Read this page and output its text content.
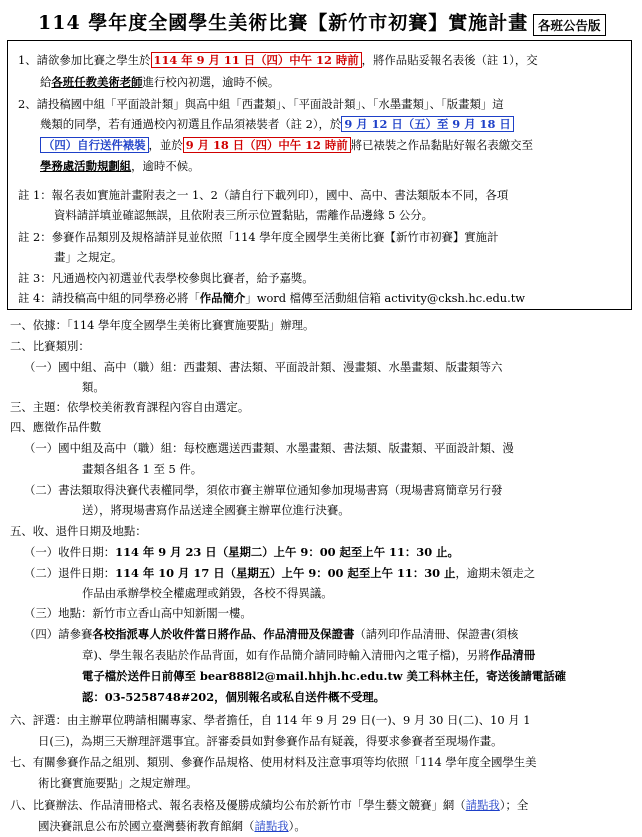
114 學年度全國學生美術比賽【新竹市初賽】實施計畫 各班公告版
1、請欲參加比賽之學生於 114 年 9 月 11 日（四）中午 12 時前 ，將作品貼妥報名表後（註 1），交
給各班任教美術老師進行校內初選，逾時不候。
2、請投稿國中組「平面設計類」與高中組「西畫類」、「平面設計類」、「水墨畫類」、「版畫類」這
幾類的同學，若有通過校內初選且作品須裱裝者（註 2），於 9 月 12 日（五）至 9 月 18 日
（四）自行送件裱裝 ，並於 9 月 18 日（四）中午 12 時前 將已裱裝之作品黏貼好報名表繳交至
學務處活動規劃組，逾時不候。
註 1：報名表如實施計畫附表之一 1、2（請自行下載列印），國中、高中、書法類版本不同，各項
資料請詳填並確認無誤，且依附表三所示位置黏貼，需離作品邊緣 5 公分。
註 2：參賽作品類別及規格請詳見並依照「114 學年度全國學生美術比賽【新竹市初賽】實施計
畫」之規定。
註 3：凡通過校內初選並代表學校參與比賽者，給予嘉獎。
註 4：請投稿高中組的同學務必將「作品簡介」word 檔傳至活動組信箱 activity@cksh.hc.edu.tw
一、依據：「114 學年度全國學生美術比賽實施要點」辦理。
二、比賽類別：
（一）國中組、高中（職）組：西畫類、書法類、平面設計類、漫畫類、水墨畫類、版畫類等六
類。
三、主題：依學校美術教育課程內容自由選定。
四、應徵作品件數
（一）國中組及高中（職）組：每校應選送西畫類、水墨畫類、書法類、版畫類、平面設計類、漫
畫類各組各 1 至 5 件。
（二）書法類取得決賽代表權同學，須依市賽主辦單位通知參加現場書寫（現場書寫簡章另行發
送），將現場書寫作品送達全國賽主辦單位進行決賽。
五、收、退件日期及地點：
（一）收件日期：114 年 9 月 23 日（星期二）上午 9：00 起至上午 11：30 止。
（二）退件日期：114 年 10 月 17 日（星期五）上午 9：00 起至上午 11：30 止，逾期未領走之
作品由承辦學校全權處理或銷毀，各校不得異議。
（三）地點：新竹市立香山高中知新閣一樓。
（四）請參賽各校指派專人於收件當日將作品、作品清冊及保證書（請列印作品清冊、保證書(須核
章)、學生報名表貼於作品背面，如有作品簡介請同時輸入清冊內之電子檔)，另將作品清冊
電子檔於送件日前傳至 bear888l2@mail.hhjh.hc.edu.tw 美工科林主任，寄送後請電話確
認：03-5258748#202，個別報名或私自送件概不受理。
六、評選：由主辦單位聘請相關專家、學者擔任，自 114 年 9 月 29 日(一)、9 月 30 日(二)、10 月 1
日(三)，為期三天辦理評選事宜。評審委員如對參賽作品有疑義，得要求參賽者至現場作畫。
七、有關參賽作品之組別、類別、參賽作品規格、使用材料及注意事項等均依照「114 學年度全國學生美
術比賽實施要點」之規定辦理。
八、比賽辦法、作品清冊格式、報名表格及優勝成績均公布於新竹市「學生藝文競賽」網（請點我）；全
國決賽訊息公布於國立臺灣藝術教育館網（請點我）。
